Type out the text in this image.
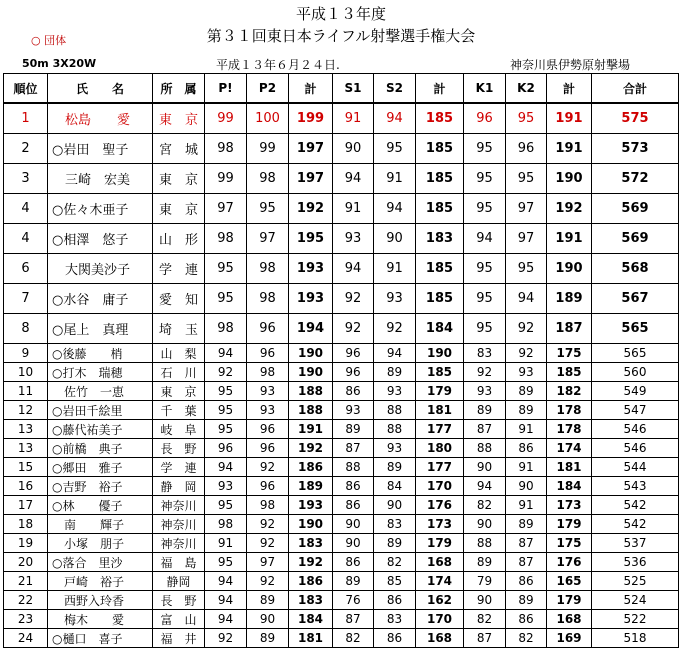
平成１３年度
第３１回東日本ライフル射撃選手権大会
○ 団体
50m 3X20W	平成１３年６月２４日.	神奈川県伊勢原射撃場
順位	氏　　名	所　属	P!	P2	計	S1	S2	計	K1	K2	計	合計
1	　松島　　愛	東　京	99	100	199	91	94	185	96	95	191	575
2	○岩田　聖子	宮　城	98	99	197	90	95	185	95	96	191	573
3	　三崎　宏美	東　京	99	98	197	94	91	185	95	95	190	572
4	○佐々木亜子	東　京	97	95	192	91	94	185	95	97	192	569
4	○相澤　悠子	山　形	98	97	195	93	90	183	94	97	191	569
6	　大関美沙子	学　連	95	98	193	94	91	185	95	95	190	568
7	○水谷　庸子	愛　知	95	98	193	92	93	185	95	94	189	567
8	○尾上　真理	埼　玉	98	96	194	92	92	184	95	92	187	565
9	○後藤　　梢	山　梨	94	96	190	96	94	190	83	92	175	565
10	○打木　瑞穂	石　川	92	98	190	96	89	185	92	93	185	560
11	　佐竹　一恵	東　京	95	93	188	86	93	179	93	89	182	549
12	○岩田千絵里	千　葉	95	93	188	93	88	181	89	89	178	547
13	○藤代祐美子	岐　阜	95	96	191	89	88	177	87	91	178	546
13	○前橋　典子	長　野	96	96	192	87	93	180	88	86	174	546
15	○郷田　雅子	学　連	94	92	186	88	89	177	90	91	181	544
16	○吉野　裕子	静　岡	93	96	189	86	84	170	94	90	184	543
17	○林　　優子	神奈川	95	98	193	86	90	176	82	91	173	542
18	　南　　輝子	神奈川	98	92	190	90	83	173	90	89	179	542
19	　小塚　朋子	神奈川	91	92	183	90	89	179	88	87	175	537
20	○落合　里沙	福　島	95	97	192	86	82	168	89	87	176	536
21	　戸崎　裕子	静岡	94	92	186	89	85	174	79	86	165	525
22	　西野入玲香	長　野	94	89	183	76	86	162	90	89	179	524
23	　梅木　　愛	富　山	94	90	184	87	83	170	82	86	168	522
24	○樋口　喜子	福　井	92	89	181	82	86	168	87	82	169	518
